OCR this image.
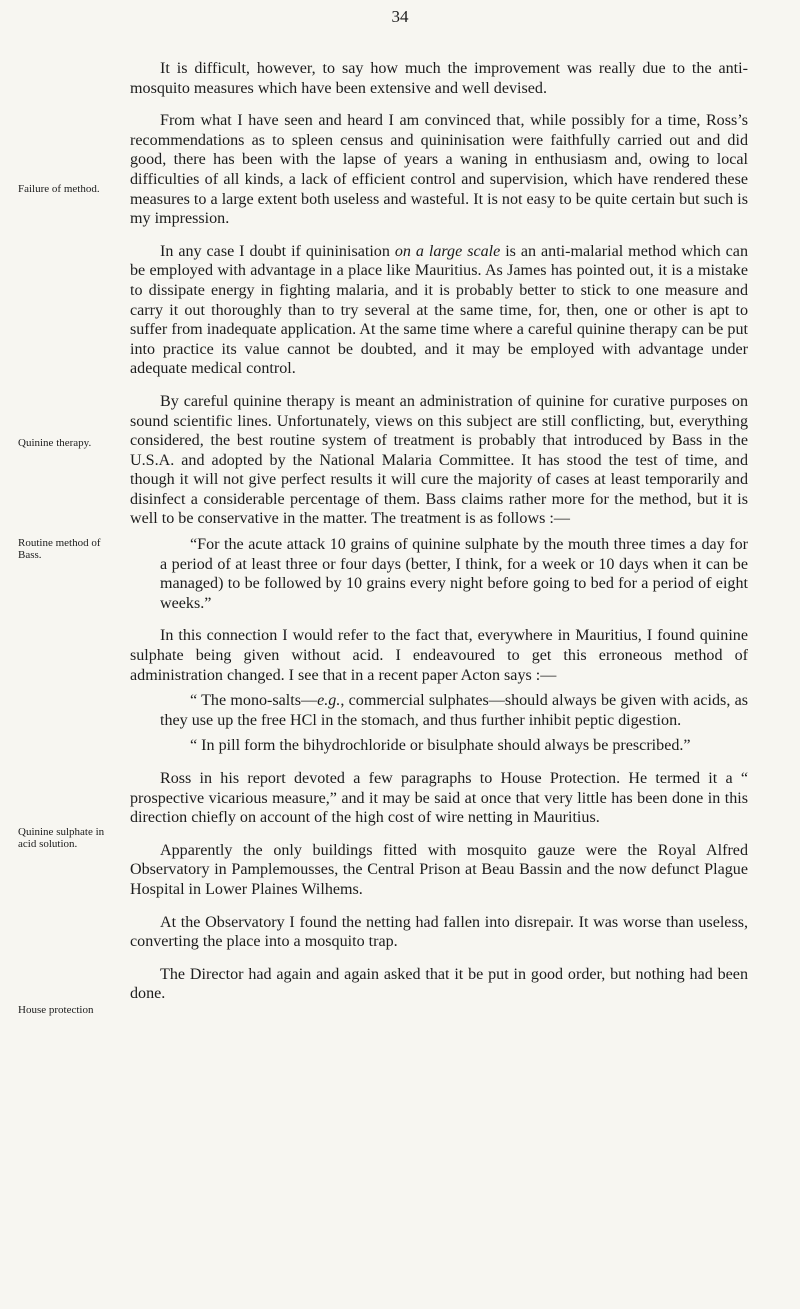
34
Failure of method.
Quinine therapy.
Routine method of Bass.
Quinine sulphate in acid solution.
House protection

It is difficult, however, to say how much the improvement was really due to the anti-mosquito measures which have been extensive and well devised.

From what I have seen and heard I am convinced that, while possibly for a time, Ross’s recommendations as to spleen census and quininisation were faithfully carried out and did good, there has been with the lapse of years a waning in enthusiasm and, owing to local difficulties of all kinds, a lack of efficient control and supervision, which have rendered these measures to a large extent both useless and wasteful. It is not easy to be quite certain but such is my impression.

In any case I doubt if quininisation on a large scale is an anti-malarial method which can be employed with advantage in a place like Mauritius. As James has pointed out, it is a mistake to dissipate energy in fighting malaria, and it is probably better to stick to one measure and carry it out thoroughly than to try several at the same time, for, then, one or other is apt to suffer from inadequate application. At the same time where a careful quinine therapy can be put into practice its value cannot be doubted, and it may be employed with advantage under adequate medical control.

By careful quinine therapy is meant an administration of quinine for curative purposes on sound scientific lines. Unfortunately, views on this subject are still conflicting, but, everything considered, the best routine system of treatment is probably that introduced by Bass in the U.S.A. and adopted by the National Malaria Committee. It has stood the test of time, and though it will not give perfect results it will cure the majority of cases at least temporarily and disinfect a considerable percentage of them. Bass claims rather more for the method, but it is well to be conservative in the matter. The treatment is as follows :—

“For the acute attack 10 grains of quinine sulphate by the mouth three times a day for a period of at least three or four days (better, I think, for a week or 10 days when it can be managed) to be followed by 10 grains every night before going to bed for a period of eight weeks.”

In this connection I would refer to the fact that, everywhere in Mauritius, I found quinine sulphate being given without acid. I endeavoured to get this erroneous method of administration changed. I see that in a recent paper Acton says :—

“ The mono-salts—e.g., commercial sulphates—should always be given with acids, as they use up the free HCl in the stomach, and thus further inhibit peptic digestion.

“ In pill form the bihydrochloride or bisulphate should always be prescribed.”

Ross in his report devoted a few paragraphs to House Protection. He termed it a “ prospective vicarious measure,” and it may be said at once that very little has been done in this direction chiefly on account of the high cost of wire netting in Mauritius.

Apparently the only buildings fitted with mosquito gauze were the Royal Alfred Observatory in Pamplemousses, the Central Prison at Beau Bassin and the now defunct Plague Hospital in Lower Plaines Wilhems.

At the Observatory I found the netting had fallen into disrepair. It was worse than useless, converting the place into a mosquito trap.

The Director had again and again asked that it be put in good order, but nothing had been done.
